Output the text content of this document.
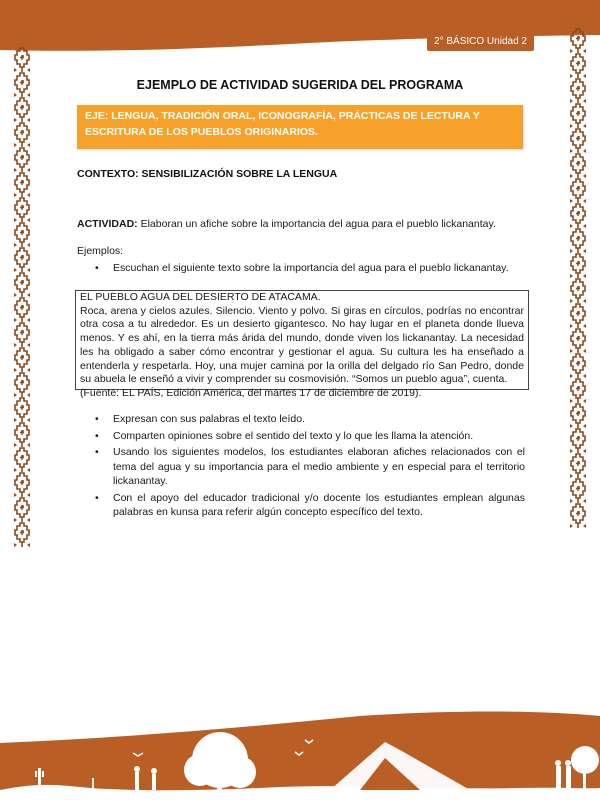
2° BÁSICO Unidad 2
EJEMPLO DE ACTIVIDAD SUGERIDA DEL PROGRAMA
EJE: LENGUA, TRADICIÓN ORAL, ICONOGRAFÍA, PRÁCTICAS DE LECTURA Y ESCRITURA DE LOS PUEBLOS ORIGINARIOS.
CONTEXTO: SENSIBILIZACIÓN SOBRE LA LENGUA
ACTIVIDAD: Elaboran un afiche sobre la importancia del agua para el pueblo lickanantay.
Ejemplos:
• Escuchan el siguiente texto sobre la importancia del agua para el pueblo lickanantay.

EL PUEBLO AGUA DEL DESIERTO DE ATACAMA.

Roca, arena y cielos azules. Silencio. Viento y polvo. Si giras en círculos, podrías no encontrar otra cosa a tu alrededor. Es un desierto gigantesco. No hay lugar en el planeta donde llueva menos. Y es ahí, en la tierra más árida del mundo, donde viven los lickanantay. La necesidad les ha obligado a saber cómo encontrar y gestionar el agua. Su cultura les ha enseñado a entenderla y respetarla. Hoy, una mujer camina por la orilla del delgado río San Pedro, donde su abuela le enseñó a vivir y comprender su cosmovisión. “Somos un pueblo agua”, cuenta.

(Fuente: EL PAÍS, Edición América, del martes 17 de diciembre de 2019).

• Expresan con sus palabras el texto leído.
• Comparten opiniones sobre el sentido del texto y lo que les llama la atención.
• Usando los siguientes modelos, los estudiantes elaboran afiches relacionados con el tema del agua y su importancia para el medio ambiente y en especial para el territorio lickanantay.
• Con el apoyo del educador tradicional y/o docente los estudiantes emplean algunas palabras en kunsa para referir algún concepto específico del texto.
